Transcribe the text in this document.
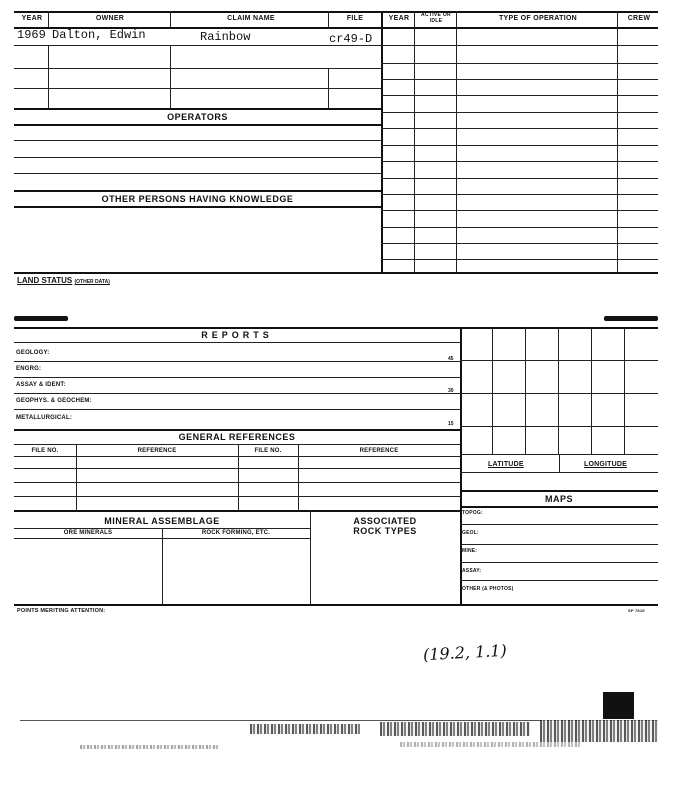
YEAR	OWNER	CLAIM NAME	FILE	YEAR	ACTIVE OR IDLE	TYPE OF OPERATION	CREW
1969 Dalton, Edwin	Rainbow	cr49-D
OPERATORS
OTHER PERSONS HAVING KNOWLEDGE
LAND STATUS (OTHER DATA)
REPORTS
GEOLOGY:
ENGRG:
ASSAY & IDENT:
GEOPHYS. & GEOCHEM:
METALLURGICAL:
45
30
15
GENERAL REFERENCES
FILE NO.	REFERENCE	FILE NO.	REFERENCE
MINERAL ASSEMBLAGE
ORE MINERALS	ROCK FORMING, ETC.
ASSOCIATED
ROCK TYPES
LATITUDE	LONGITUDE
MAPS
TOPOG:
GEOL:
MINE:
ASSAY:
OTHER (& PHOTOS)
POINTS MERITING ATTENTION:	SP 7815
(19.2, 1.1)
